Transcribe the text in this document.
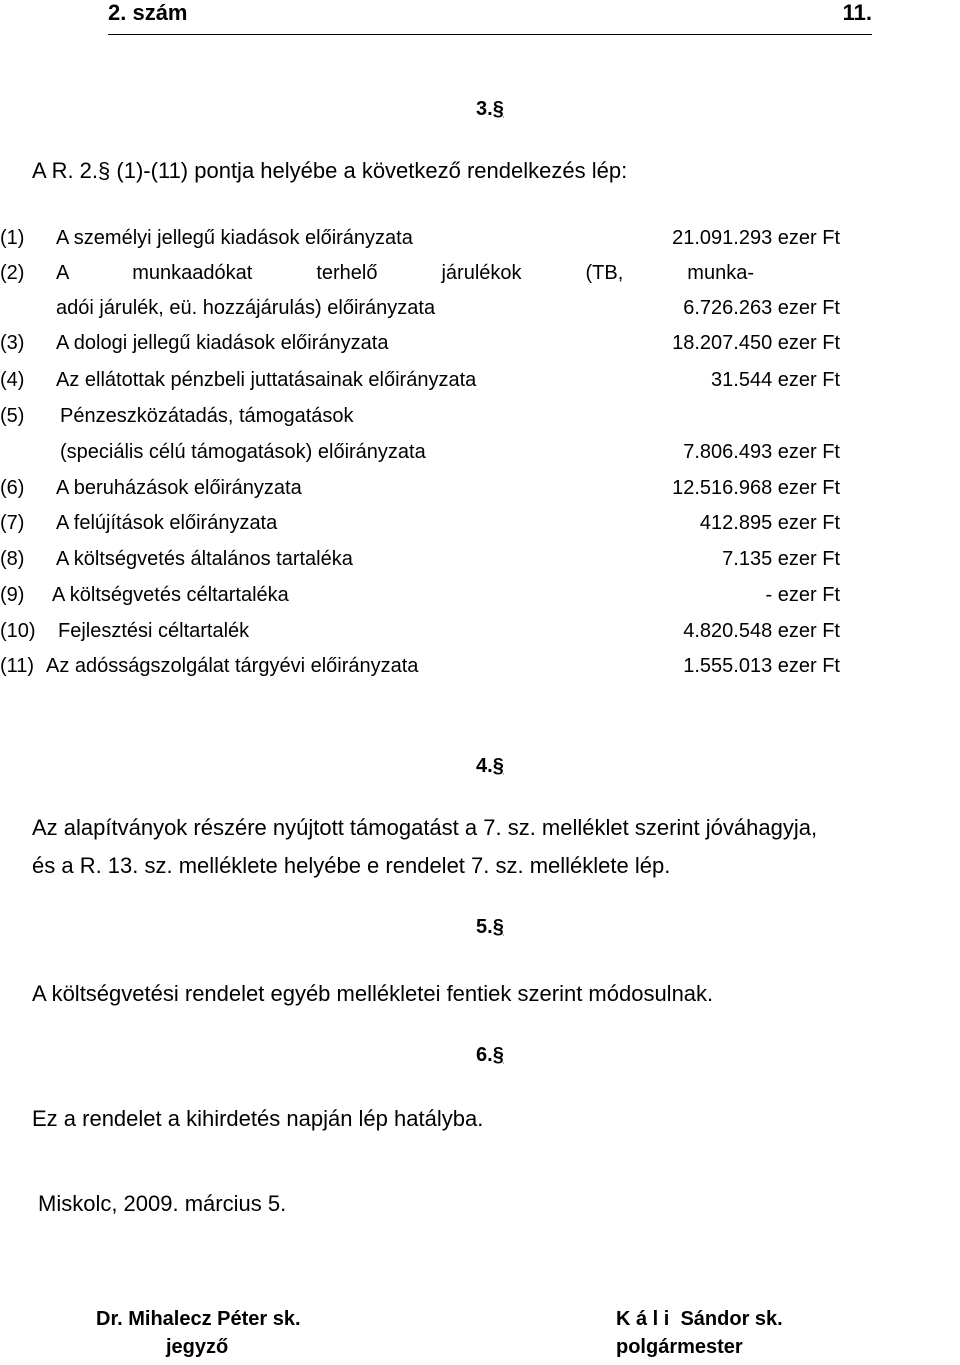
2. szám	11.
3.§
A R. 2.§ (1)-(11) pontja helyébe a következő rendelkezés lép:
(1) A személyi jellegű kiadások előirányzata	21.091.293 ezer Ft
(2) A munkaadókat terhelő járulékok (TB, munka-
adói járulék, eü. hozzájárulás) előirányzata	6.726.263 ezer Ft
(3) A dologi jellegű kiadások előirányzata	18.207.450 ezer Ft
(4) Az ellátottak pénzbeli juttatásainak előirányzata	31.544 ezer Ft
(5) Pénzeszközátadás, támogatások
(speciális célú támogatások) előirányzata	7.806.493 ezer Ft
(6) A beruházások előirányzata	12.516.968 ezer Ft
(7) A felújítások előirányzata	412.895 ezer Ft
(8) A költségvetés általános tartaléka	7.135 ezer Ft
(9) A költségvetés céltartaléka	- ezer Ft
(10) Fejlesztési céltartalék	4.820.548 ezer Ft
(11) Az adósságszolgálat tárgyévi előirányzata	1.555.013 ezer Ft
4.§
Az alapítványok részére nyújtott támogatást a 7. sz. melléklet szerint jóváhagyja,
és a R. 13. sz. melléklete helyébe e rendelet 7. sz. melléklete lép.
5.§
A költségvetési rendelet egyéb mellékletei fentiek szerint módosulnak.
6.§
Ez a rendelet a kihirdetés napján lép hatályba.
Miskolc, 2009. március 5.
Dr. Mihalecz Péter sk.
jegyző
K á l i  Sándor sk.
polgármester
